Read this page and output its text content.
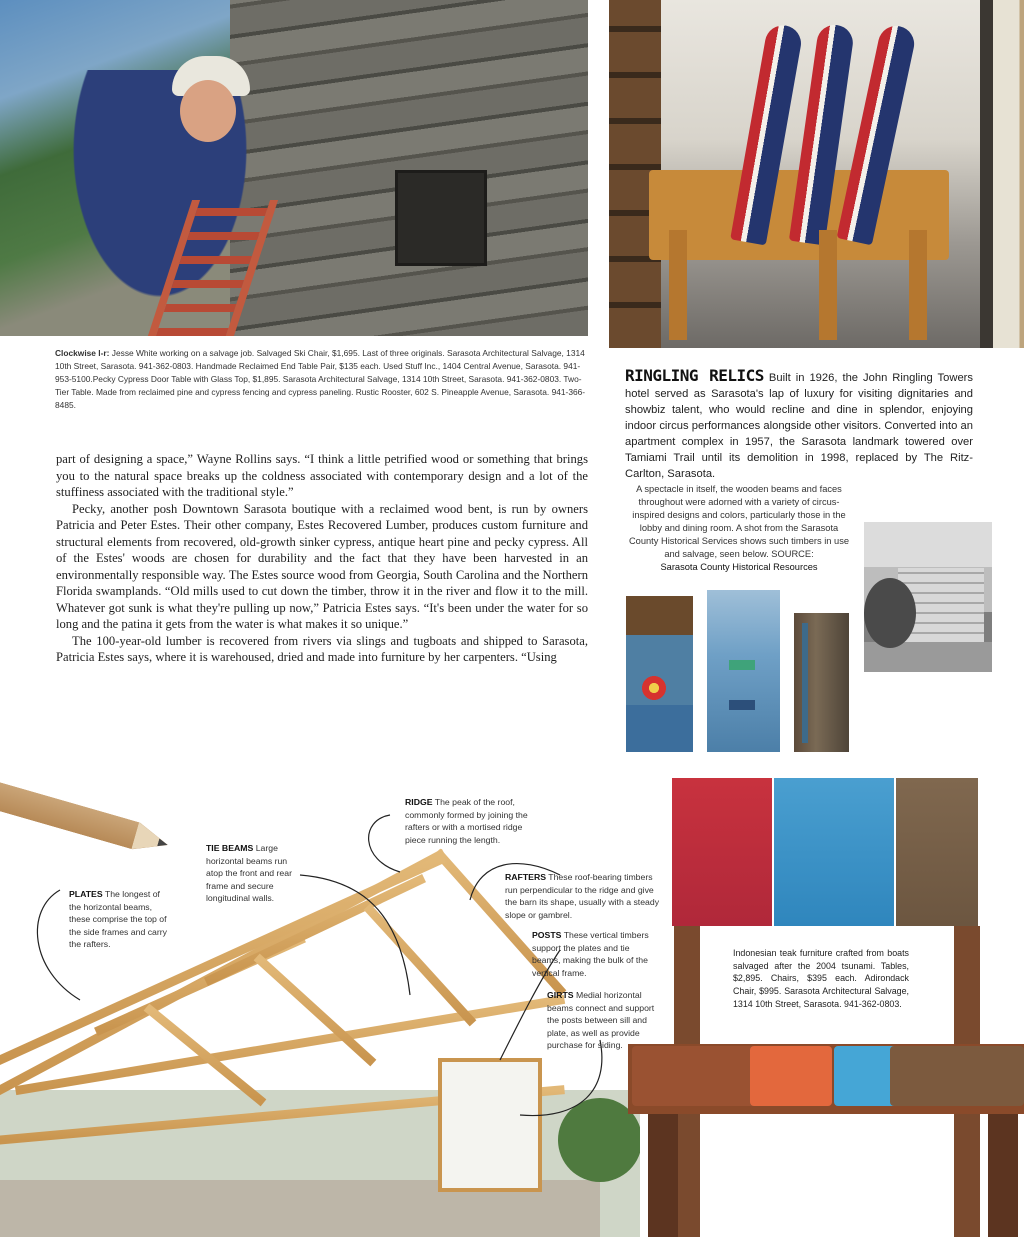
Clockwise l-r: Jesse White working on a salvage job. Salvaged Ski Chair, $1,695. Last of three originals. Sarasota Architectural Salvage, 1314 10th Street, Sarasota. 941-362-0803. Handmade Reclaimed End Table Pair, $135 each. Used Stuff Inc., 1404 Central Avenue, Sarasota. 941-953-5100.Pecky Cypress Door Table with Glass Top, $1,895. Sarasota Architectural Salvage, 1314 10th Street, Sarasota. 941-362-0803. Two-Tier Table. Made from reclaimed pine and cypress fencing and cypress paneling. Rustic Rooster, 602 S. Pineapple Avenue, Sarasota. 941-366-8485.
RINGLING RELICS Built in 1926, the John Ringling Towers hotel served as Sarasota's lap of luxury for visiting dignitaries and showbiz talent, who would recline and dine in splendor, enjoying indoor circus performances alongside other visitors. Converted into an apartment complex in 1957, the Sarasota landmark towered over Tamiami Trail until its demolition in 1998, replaced by The Ritz-Carlton, Sarasota.

part of designing a space,” Wayne Rollins says. “I think a little petrified wood or something that brings you to the natural space breaks up the coldness associated with contemporary design and a lot of the stuffiness associated with the traditional style.”

Pecky, another posh Downtown Sarasota boutique with a reclaimed wood bent, is run by owners Patricia and Peter Estes. Their other company, Estes Recovered Lumber, produces custom furniture and structural elements from recovered, old-growth sinker cypress, antique heart pine and pecky cypress. All of the Estes' woods are chosen for durability and the fact that they have been harvested in an environmentally responsible way. The Estes source wood from Georgia, South Carolina and the Northern Florida swamplands. “Old mills used to cut down the timber, throw it in the river and flow it to the mill. Whatever got sunk is what they're pulling up now,” Patricia Estes says. “It's been under the water for so long and the patina it gets from the water is what makes it so unique.”

The 100-year-old lumber is recovered from rivers via slings and tugboats and shipped to Sarasota, Patricia Estes says, where it is warehoused, dried and made into furniture by her carpenters. “Using

A spectacle in itself, the wooden beams and faces throughout were adorned with a variety of circus-inspired designs and colors, particularly those in the lobby and dining room. A shot from the Sarasota County Historical Services shows such timbers in use and salvage, seen below. SOURCE:
Sarasota County Historical Resources
RIDGE The peak of the roof, commonly formed by joining the rafters or with a mortised ridge piece running the length.
TIE BEAMS Large horizontal beams run atop the front and rear frame and secure longitudinal walls.
PLATES The longest of the horizontal beams, these comprise the top of the side frames and carry the rafters.
RAFTERS These roof-bearing timbers run perpendicular to the ridge and give the barn its shape, usually with a steady slope or gambrel.
POSTS These vertical timbers support the plates and tie beams, making the bulk of the vertical frame.
GIRTS Medial horizontal beams connect and support the posts between sill and plate, as well as provide purchase for siding.
Indonesian teak furniture crafted from boats salvaged after the 2004 tsunami. Tables, $2,895. Chairs, $395 each. Adirondack Chair, $995. Sarasota Architectural Salvage, 1314 10th Street, Sarasota. 941-362-0803.
